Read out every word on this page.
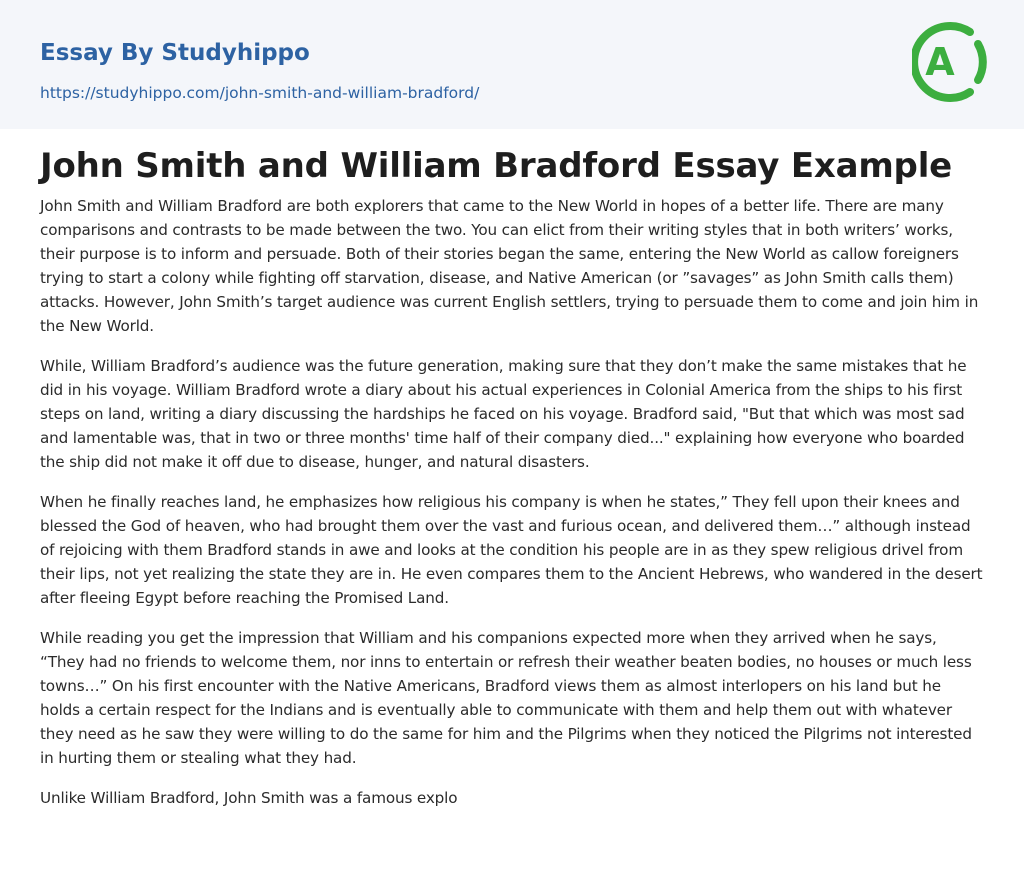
Essay By Studyhippo
https://studyhippo.com/john-smith-and-william-bradford/
A
John Smith and William Bradford Essay Example

John Smith and William Bradford are both explorers that came to the New World in hopes of a better life. There are many comparisons and contrasts to be made between the two. You can elict from their writing styles that in both writers’ works, their purpose is to inform and persuade. Both of their stories began the same, entering the New World as callow foreigners trying to start a colony while fighting off starvation, disease, and Native American (or ”savages” as John Smith calls them) attacks. However, John Smith’s target audience was current English settlers, trying to persuade them to come and join him in the New World.

While, William Bradford’s audience was the future generation, making sure that they don’t make the same mistakes that he did in his voyage. William Bradford wrote a diary about his actual experiences in Colonial America from the ships to his first steps on land, writing a diary discussing the hardships he faced on his voyage. Bradford said, "But that which was most sad and lamentable was, that in two or three months' time half of their company died..." explaining how everyone who boarded the ship did not make it off due to disease, hunger, and natural disasters.

When he finally reaches land, he emphasizes how religious his company is when he states,” They fell upon their knees and blessed the God of heaven, who had brought them over the vast and furious ocean, and delivered them…” although instead of rejoicing with them Bradford stands in awe and looks at the condition his people are in as they spew religious drivel from their lips, not yet realizing the state they are in. He even compares them to the Ancient Hebrews, who wandered in the desert after fleeing Egypt before reaching the Promised Land.

While reading you get the impression that William and his companions expected more when they arrived when he says, “They had no friends to welcome them, nor inns to entertain or refresh their weather beaten bodies, no houses or much less towns…” On his first encounter with the Native Americans, Bradford views them as almost interlopers on his land but he holds a certain respect for the Indians and is eventually able to communicate with them and help them out with whatever they need as he saw they were willing to do the same for him and the Pilgrims when they noticed the Pilgrims not interested in hurting them or stealing what they had.

Unlike William Bradford, John Smith was a famous explo
